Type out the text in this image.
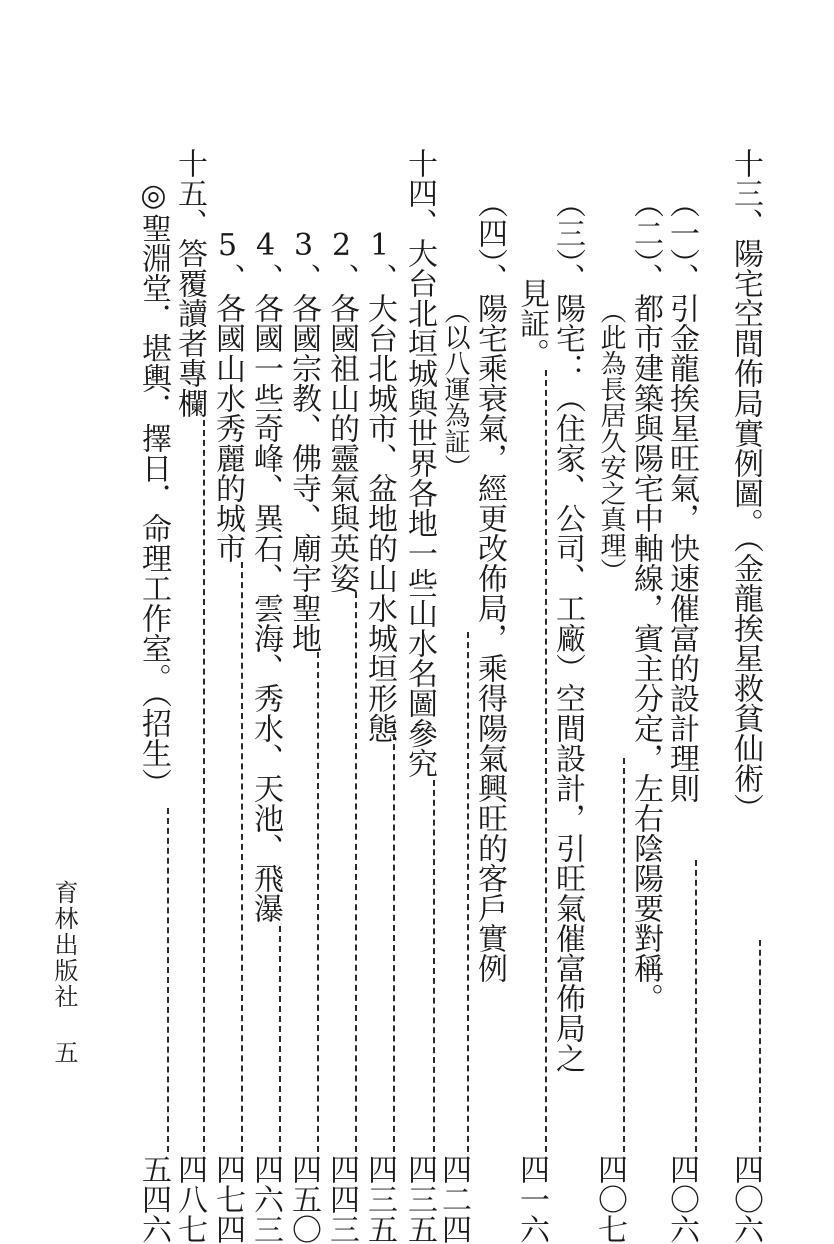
十三、陽宅空間佈局實例圖。（金龍挨星救貧仙術）
四〇六
（一）、引金龍挨星旺氣，快速催富的設計理則
四〇六
（二）、都市建築與陽宅中軸線，賓主分定，左右陰陽要對稱。
（此為長居久安之真理）
四〇七
（三）、陽宅：（住家、公司、工廠）空間設計，引旺氣催富佈局之
見証。
四一六
（四）、陽宅乘衰氣，經更改佈局，乘得陽氣興旺的客戶實例
（以八運為証）
四二四
十四、大台北垣城與世界各地一些山水名圖參究
四三五
1、大台北城市、盆地的山水城垣形態
四三五
2、各國祖山的靈氣與英姿
四四三
3、各國宗教、佛寺、廟宇聖地
四五〇
4、各國一些奇峰、異石、雲海、秀水、天池、飛瀑
四六三
5、各國山水秀麗的城市
四七四
十五、答覆讀者專欄
四八七
◎聖淵堂．堪輿．擇日．命理工作室。（招生）
五四六
育林出版社
五
